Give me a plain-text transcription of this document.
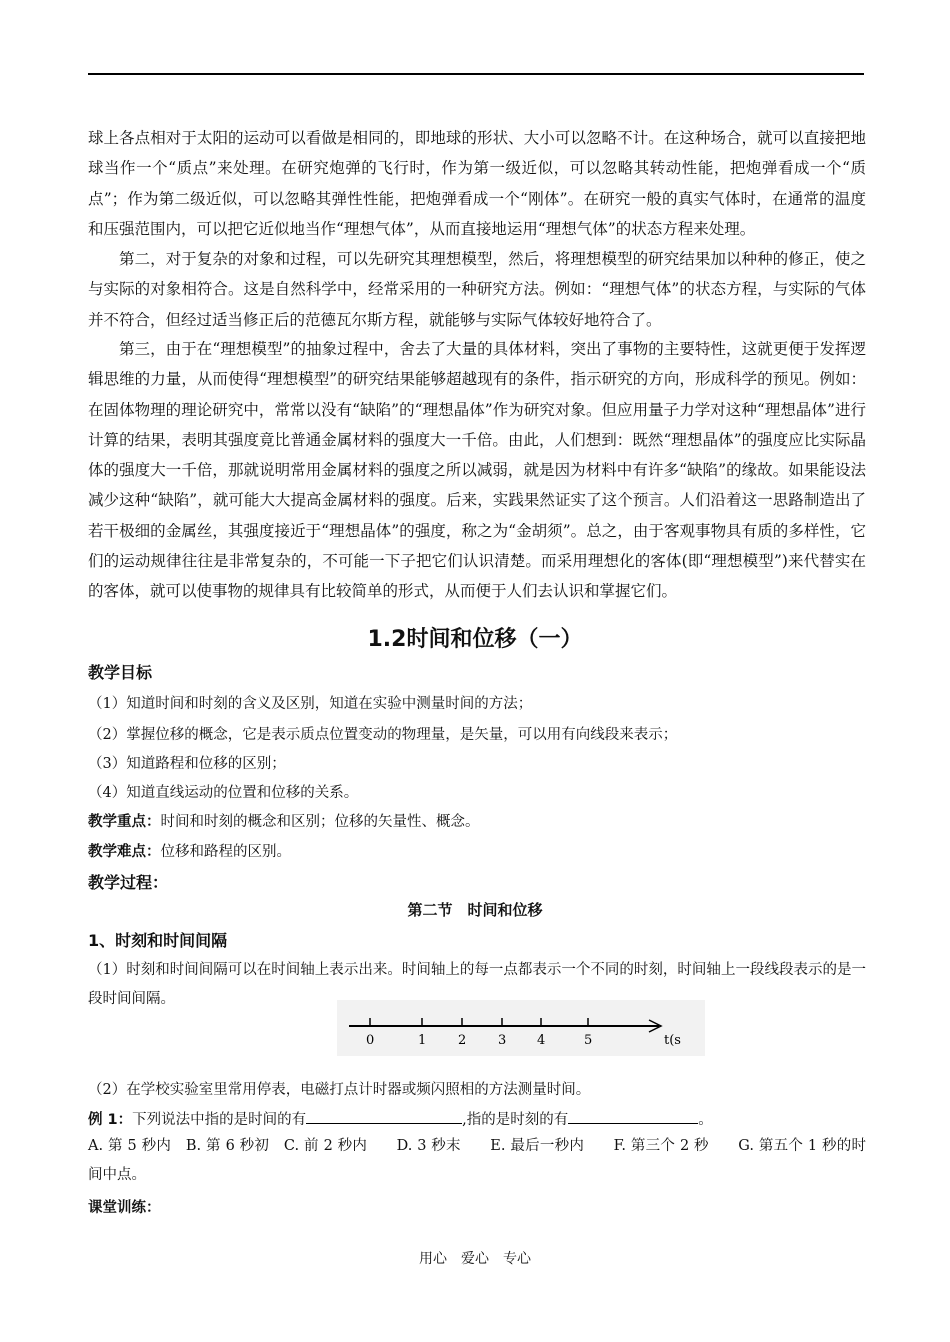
球上各点相对于太阳的运动可以看做是相同的，即地球的形状、大小可以忽略不计。在这种场合，就可以直接把地球当作一个“质点”来处理。在研究炮弹的飞行时，作为第一级近似，可以忽略其转动性能，把炮弹看成一个“质点”；作为第二级近似，可以忽略其弹性性能，把炮弹看成一个“刚体”。在研究一般的真实气体时，在通常的温度和压强范围内，可以把它近似地当作“理想气体”，从而直接地运用“理想气体”的状态方程来处理。

第二，对于复杂的对象和过程，可以先研究其理想模型，然后，将理想模型的研究结果加以种种的修正，使之与实际的对象相符合。这是自然科学中，经常采用的一种研究方法。例如：“理想气体”的状态方程，与实际的气体并不符合，但经过适当修正后的范德瓦尔斯方程，就能够与实际气体较好地符合了。

第三，由于在“理想模型”的抽象过程中，舍去了大量的具体材料，突出了事物的主要特性，这就更便于发挥逻辑思维的力量，从而使得“理想模型”的研究结果能够超越现有的条件，指示研究的方向，形成科学的预见。例如：在固体物理的理论研究中，常常以没有“缺陷”的“理想晶体”作为研究对象。但应用量子力学对这种“理想晶体”进行计算的结果，表明其强度竟比普通金属材料的强度大一千倍。由此，人们想到：既然“理想晶体”的强度应比实际晶体的强度大一千倍，那就说明常用金属材料的强度之所以减弱，就是因为材料中有许多“缺陷”的缘故。如果能设法减少这种“缺陷”，就可能大大提高金属材料的强度。后来，实践果然证实了这个预言。人们沿着这一思路制造出了若干极细的金属丝，其强度接近于“理想晶体”的强度，称之为“金胡须”。总之，由于客观事物具有质的多样性，它们的运动规律往往是非常复杂的，不可能一下子把它们认识清楚。而采用理想化的客体(即“理想模型”)来代替实在的客体，就可以使事物的规律具有比较简单的形式，从而便于人们去认识和掌握它们。

1.2时间和位移（一）

教学目标

（1）知道时间和时刻的含义及区别，知道在实验中测量时间的方法；

（2）掌握位移的概念，它是表示质点位置变动的物理量，是矢量，可以用有向线段来表示；

（3）知道路程和位移的区别；

（4）知道直线运动的位置和位移的关系。

教学重点：时间和时刻的概念和区别；位移的矢量性、概念。

教学难点：位移和路程的区别。

教学过程：

第二节　时间和位移

1、时刻和时间间隔

（1）时刻和时间间隔可以在时间轴上表示出来。时间轴上的每一点都表示一个不同的时刻，时间轴上一段线段表示的是一段时间间隔。

0	1 2 3 4	5	t(s

（2）在学校实验室里常用停表，电磁打点计时器或频闪照相的方法测量时间。

例 1：下列说法中指的是时间的有	,指的是时刻的有	。

A. 第 5 秒内　B. 第 6 秒初　C. 前 2 秒内　　D. 3 秒末　　E. 最后一秒内　　F. 第三个 2 秒　　G. 第五个 1 秒的时间中点。

课堂训练：

用心　爱心　专心
